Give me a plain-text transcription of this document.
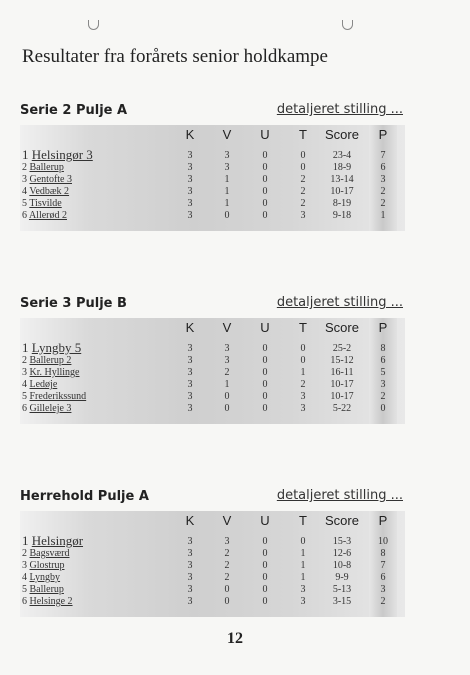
Resultater fra forårets senior holdkampe
Serie 2 Pulje A	detaljeret stilling ...
K	V	U	T	Score	P
1 Helsingør 3	3	3	0	0	23-4	7
2 Ballerup	3	3	0	0	18-9	6
3 Gentofte 3	3	1	0	2	13-14	3
4 Vedbæk 2	3	1	0	2	10-17	2
5 Tisvilde	3	1	0	2	8-19	2
6 Allerød 2	3	0	0	3	9-18	1
Serie 3 Pulje B	detaljeret stilling ...
K	V	U	T	Score	P
1 Lyngby 5	3	3	0	0	25-2	8
2 Ballerup 2	3	3	0	0	15-12	6
3 Kr. Hyllinge	3	2	0	1	16-11	5
4 Ledøje	3	1	0	2	10-17	3
5 Frederikssund	3	0	0	3	10-17	2
6 Gilleleje 3	3	0	0	3	5-22	0
Herrehold Pulje A	detaljeret stilling ...
K	V	U	T	Score	P
1 Helsingør	3	3	0	0	15-3	10
2 Bagsværd	3	2	0	1	12-6	8
3 Glostrup	3	2	0	1	10-8	7
4 Lyngby	3	2	0	1	9-9	6
5 Ballerup	3	0	0	3	5-13	3
6 Helsinge 2	3	0	0	3	3-15	2
12
